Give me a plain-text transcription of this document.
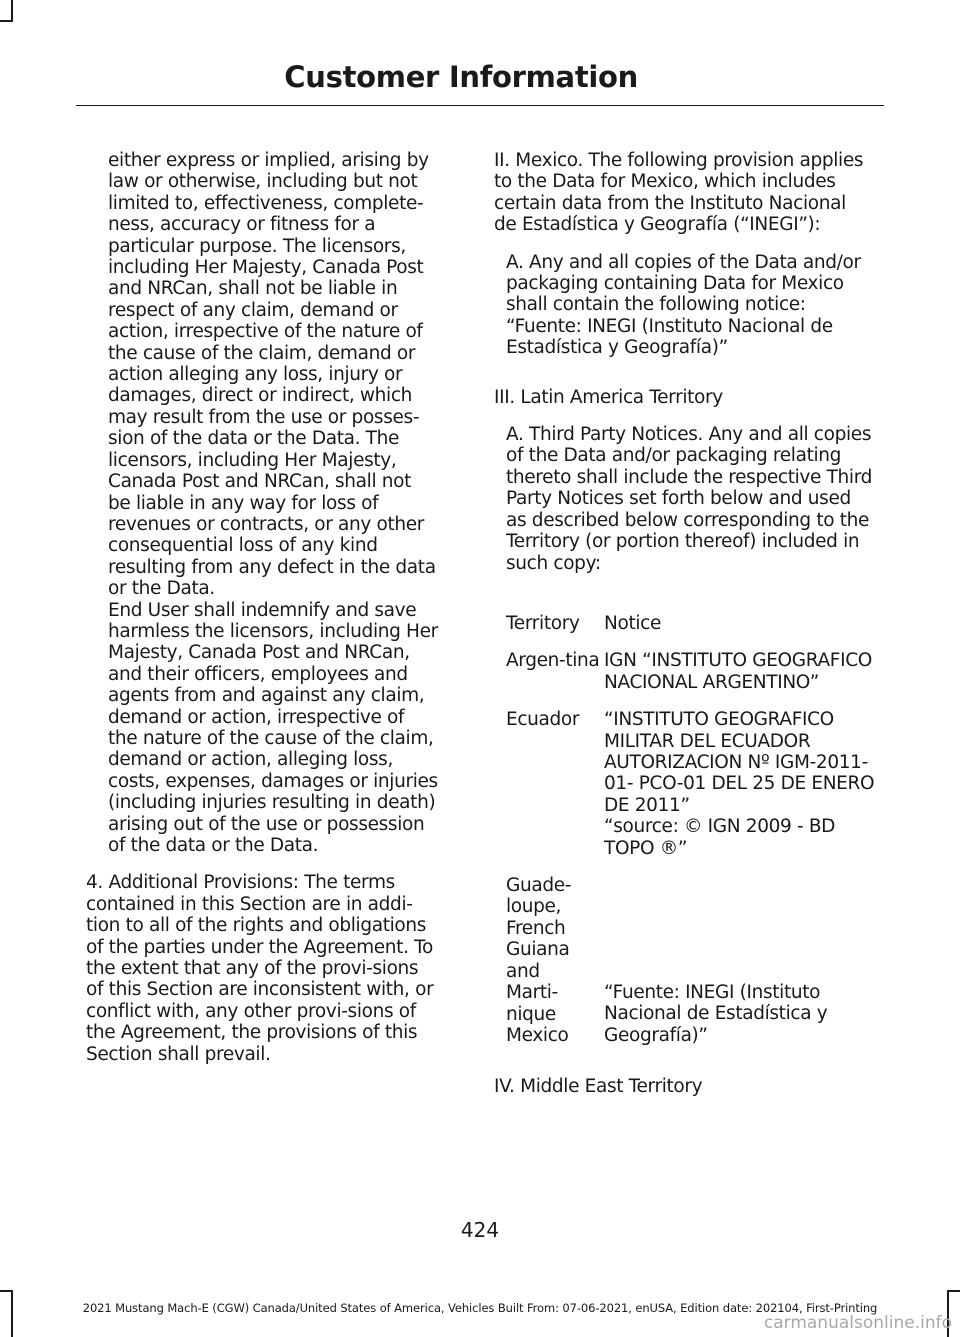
Customer Information

either express or implied, arising by law or otherwise, including but not limited to, effectiveness, complete-ness, accuracy or fitness for a particular purpose. The licensors, including Her Majesty, Canada Post and NRCan, shall not be liable in respect of any claim, demand or action, irrespective of the nature of the cause of the claim, demand or action alleging any loss, injury or damages, direct or indirect, which may result from the use or posses-sion of the data or the Data. The licensors, including Her Majesty, Canada Post and NRCan, shall not be liable in any way for loss of revenues or contracts, or any other consequential loss of any kind resulting from any defect in the data or the Data.

End User shall indemnify and save harmless the licensors, including Her Majesty, Canada Post and NRCan, and their officers, employees and agents from and against any claim, demand or action, irrespective of the nature of the cause of the claim, demand or action, alleging loss, costs, expenses, damages or injuries (including injuries resulting in death) arising out of the use or possession of the data or the Data.

4. Additional Provisions: The terms contained in this Section are in addi-tion to all of the rights and obligations of the parties under the Agreement. To the extent that any of the provi-sions of this Section are inconsistent with, or conflict with, any other provi-sions of the Agreement, the provisions of this Section shall prevail.

II. Mexico. The following provision applies to the Data for Mexico, which includes certain data from the Instituto Nacional de Estadística y Geografía (“INEGI”):

A. Any and all copies of the Data and/or packaging containing Data for Mexico shall contain the following notice: “Fuente: INEGI (Instituto Nacional de Estadística y Geografía)”

III. Latin America Territory

A. Third Party Notices. Any and all copies of the Data and/or packaging relating thereto shall include the respective Third Party Notices set forth below and used as described below corresponding to the Territory (or portion thereof) included in such copy:

Territory	Notice
Argen-tina IGN “INSTITUTO GEOGRAFICO NACIONAL ARGENTINO”
Ecuador	“INSTITUTO GEOGRAFICO MILITAR DEL ECUADOR AUTORIZACION Nº IGM-2011-01- PCO-01 DEL 25 DE ENERO DE 2011”
“source: © IGN 2009 - BD TOPO ®”
Guade-loupe, French Guiana and Marti-nique Mexico
“Fuente: INEGI (Instituto Nacional de Estadística y Geografía)”
IV. Middle East Territory
424
2021 Mustang Mach-E (CGW) Canada/United States of America, Vehicles Built From: 07-06-2021, enUSA, Edition date: 202104, First-Printing
carmanualsonline.info
